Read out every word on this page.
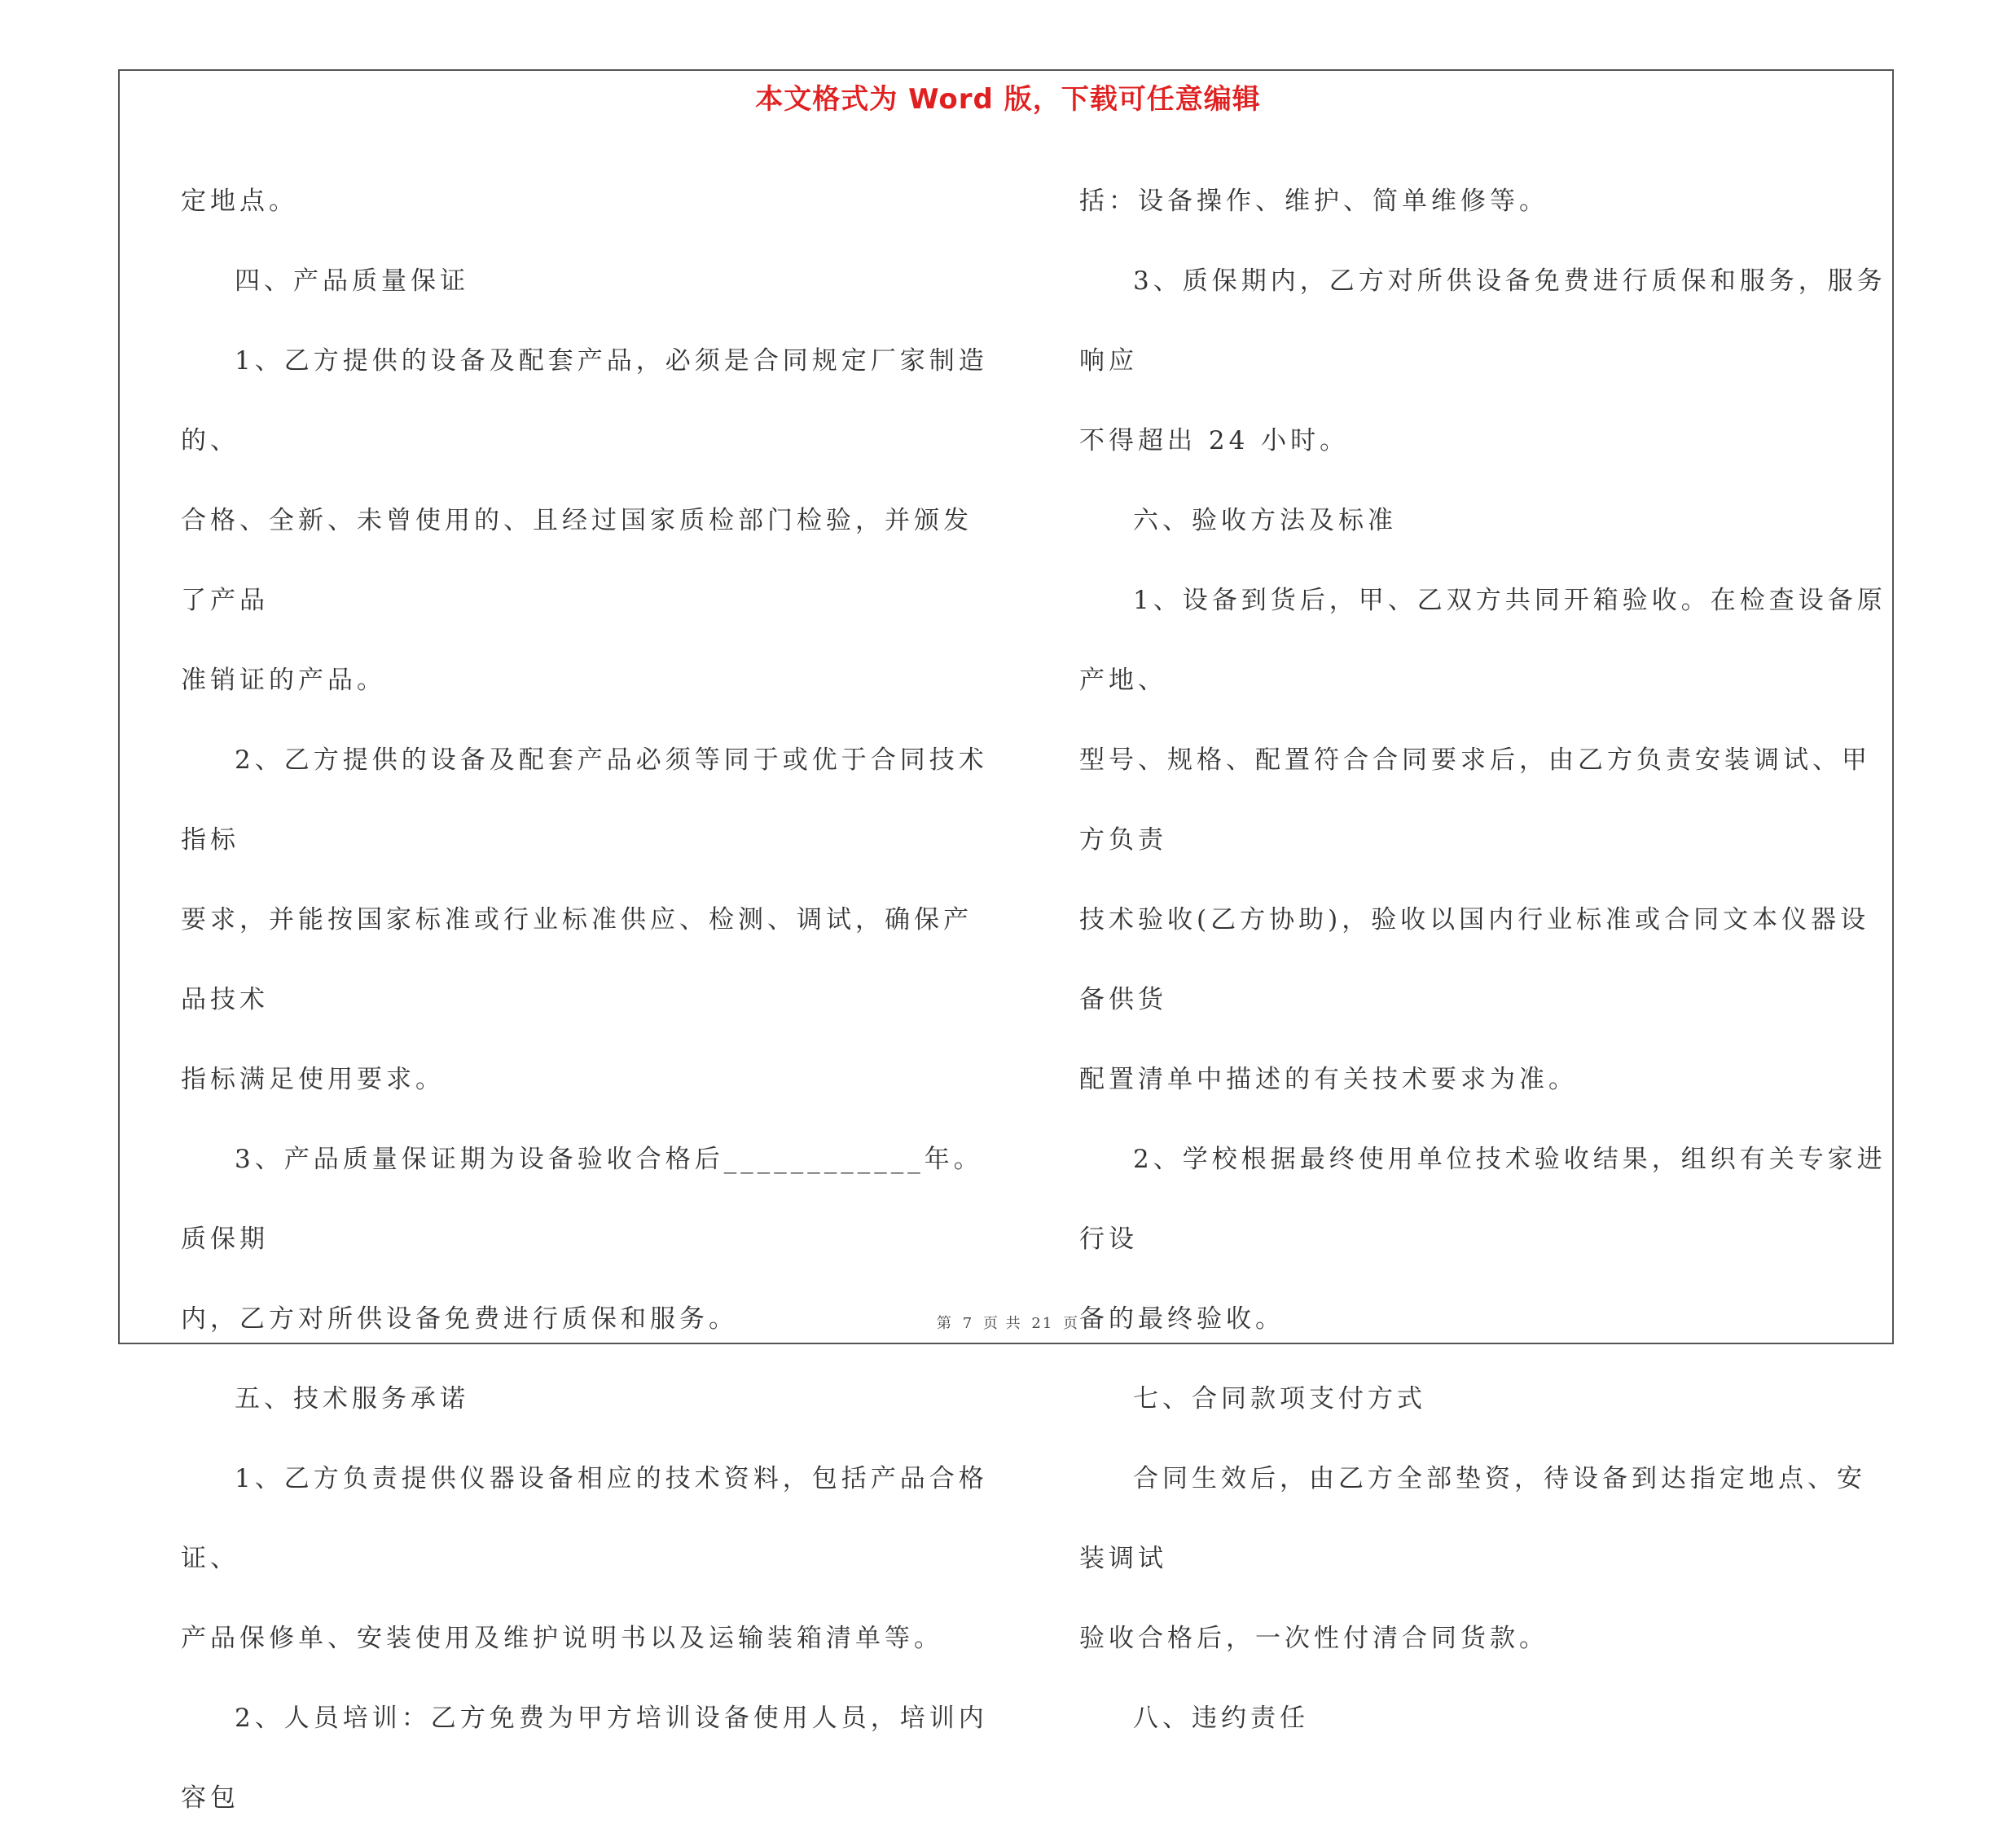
本文格式为 Word 版，下载可任意编辑

定地点。

四、产品质量保证

1、乙方提供的设备及配套产品，必须是合同规定厂家制造的、

合格、全新、未曾使用的、且经过国家质检部门检验，并颁发了产品

准销证的产品。

2、乙方提供的设备及配套产品必须等同于或优于合同技术指标

要求，并能按国家标准或行业标准供应、检测、调试，确保产品技术

指标满足使用要求。

3、产品质量保证期为设备验收合格后____________年。质保期

内，乙方对所供设备免费进行质保和服务。

五、技术服务承诺

1、乙方负责提供仪器设备相应的技术资料，包括产品合格证、

产品保修单、安装使用及维护说明书以及运输装箱清单等。

2、人员培训：乙方免费为甲方培训设备使用人员，培训内容包

括：设备操作、维护、简单维修等。

3、质保期内，乙方对所供设备免费进行质保和服务，服务响应

不得超出 24 小时。

六、验收方法及标准

1、设备到货后，甲、乙双方共同开箱验收。在检查设备原产地、

型号、规格、配置符合合同要求后，由乙方负责安装调试、甲方负责

技术验收(乙方协助)，验收以国内行业标准或合同文本仪器设备供货

配置清单中描述的有关技术要求为准。

2、学校根据最终使用单位技术验收结果，组织有关专家进行设

备的最终验收。

七、合同款项支付方式

合同生效后，由乙方全部垫资，待设备到达指定地点、安装调试

验收合格后，一次性付清合同货款。

八、违约责任

第 7 页 共 21 页
